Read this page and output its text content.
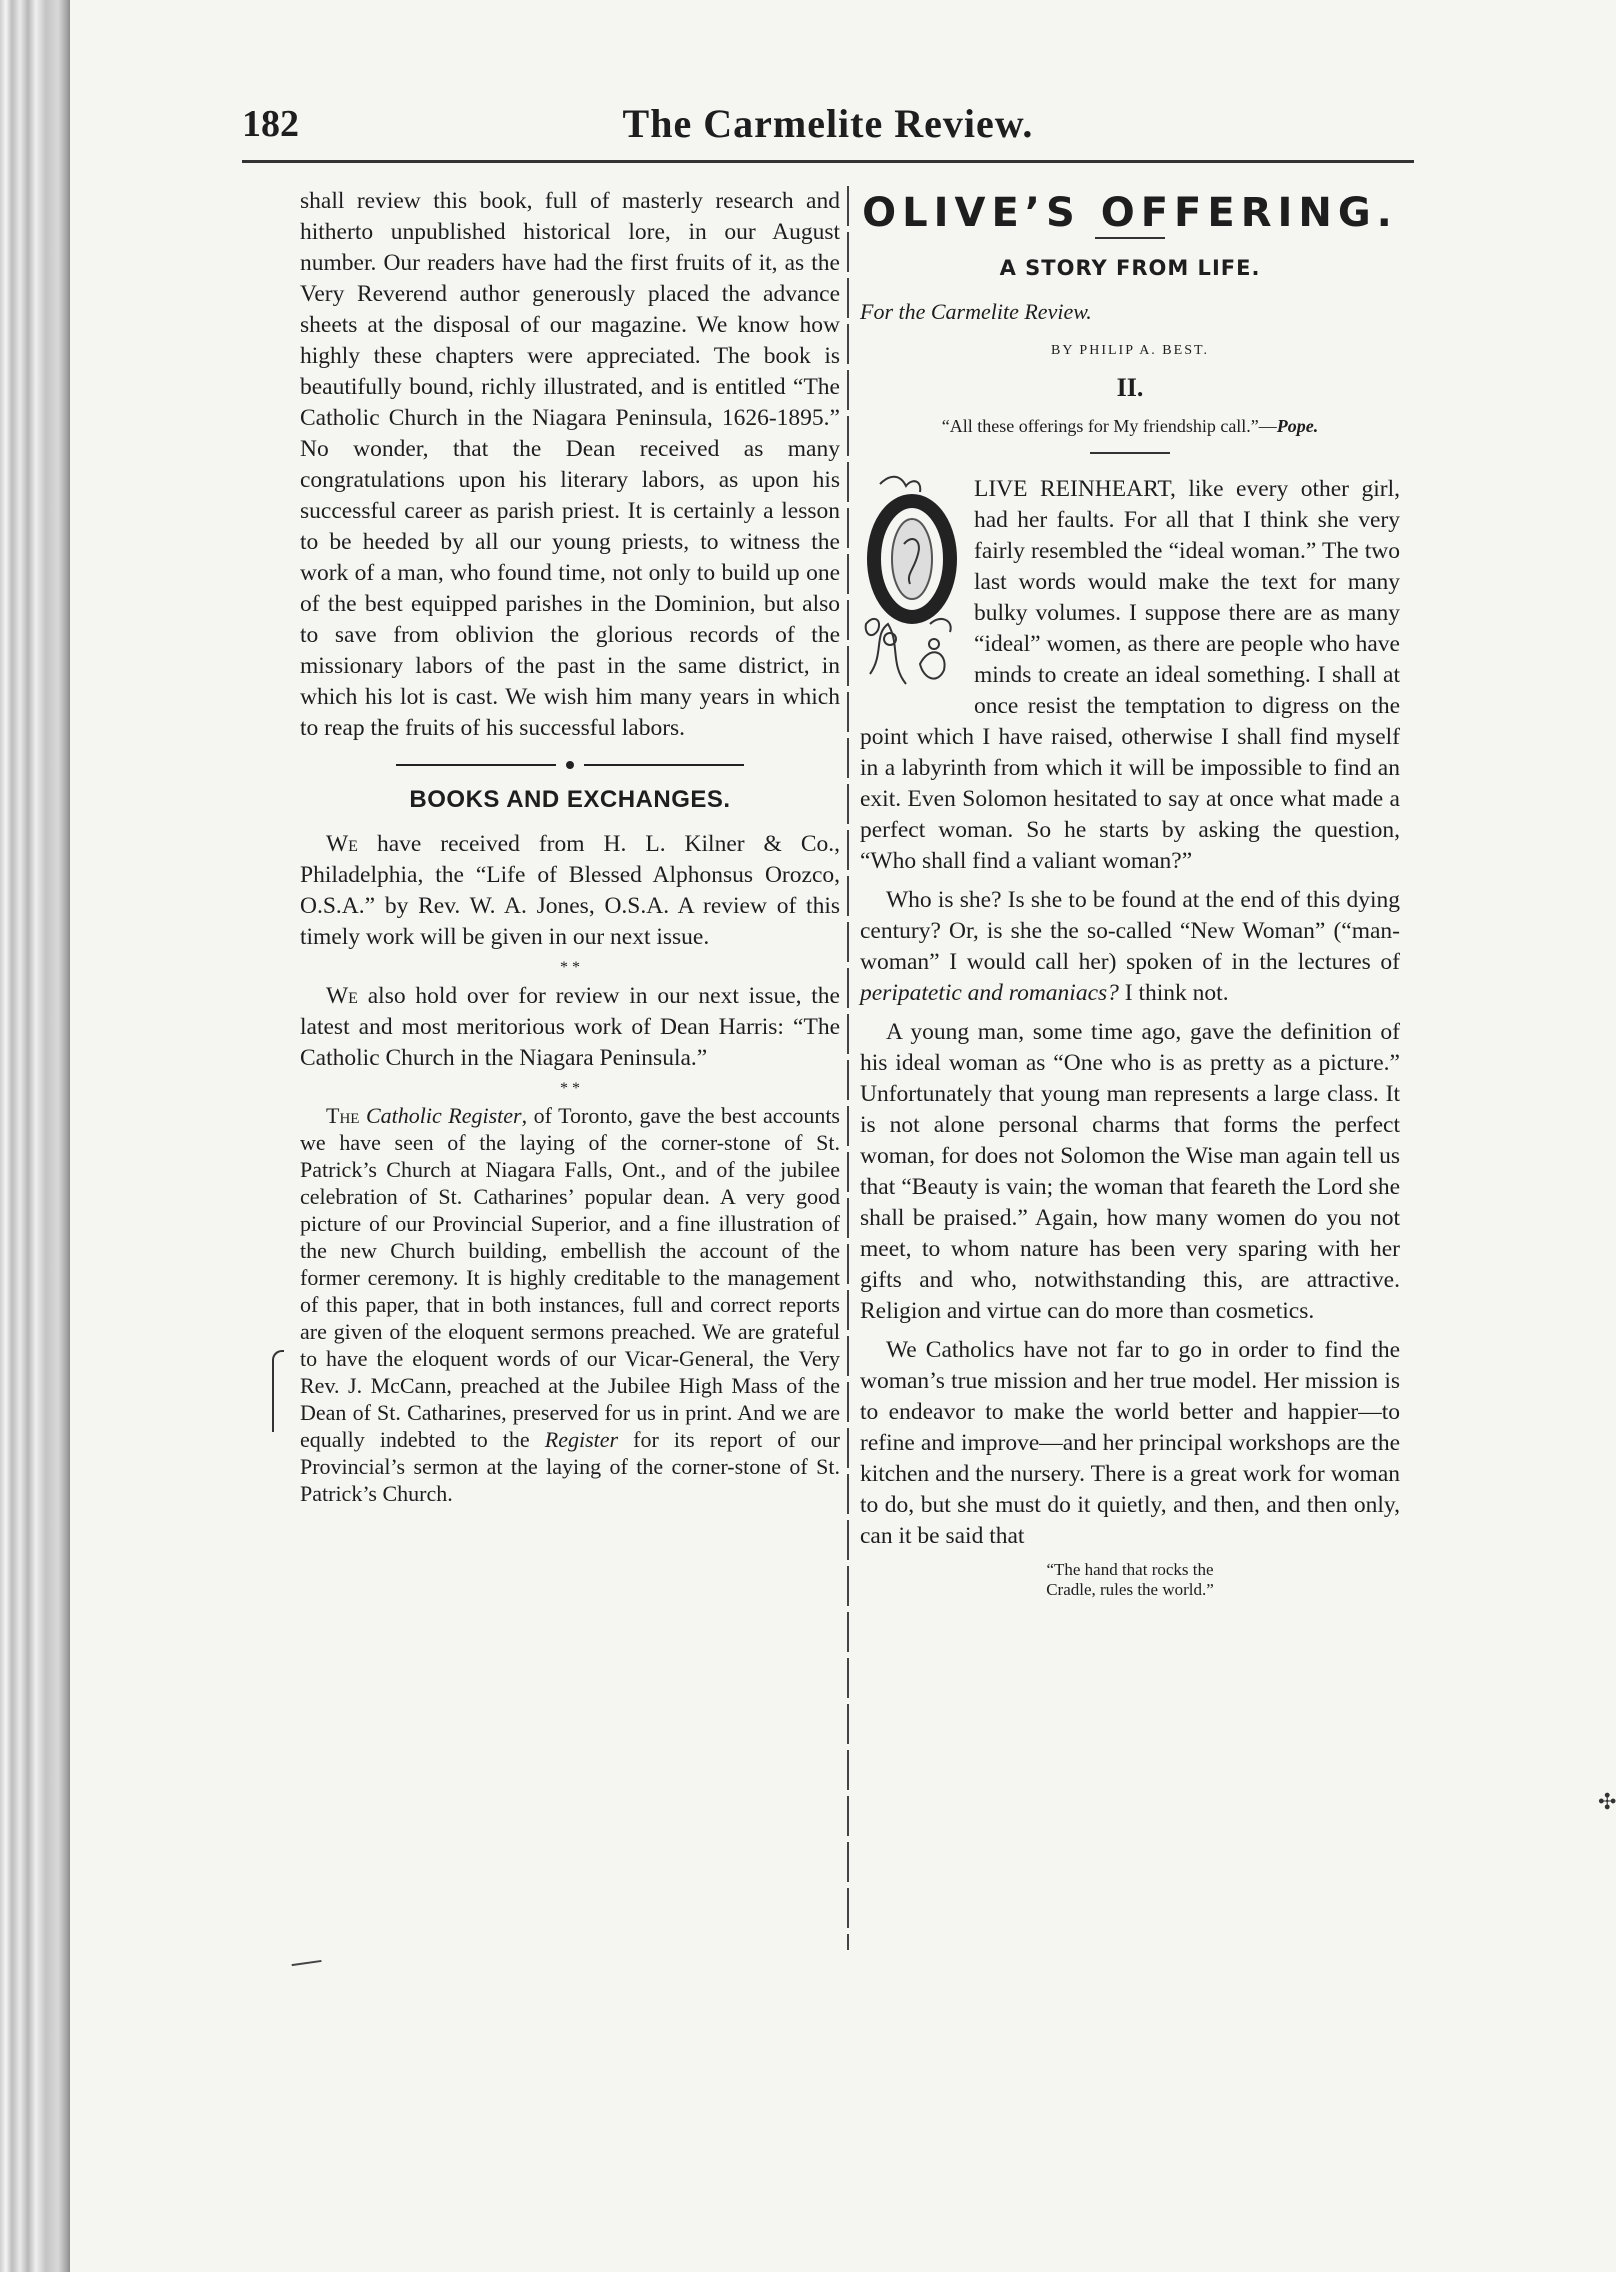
182	The Carmelite Review.

shall review this book, full of masterly research and hitherto unpublished historical lore, in our August number. Our readers have had the first fruits of it, as the Very Reverend author generously placed the advance sheets at the disposal of our magazine. We know how highly these chapters were appreciated. The book is beautifully bound, richly illustrated, and is entitled “The Catholic Church in the Niagara Peninsula, 1626-1895.” No wonder, that the Dean received as many congratulations upon his literary labors, as upon his successful career as parish priest. It is certainly a lesson to be heeded by all our young priests, to witness the work of a man, who found time, not only to build up one of the best equipped parishes in the Dominion, but also to save from oblivion the glorious records of the missionary labors of the past in the same district, in which his lot is cast. We wish him many years in which to reap the fruits of his successful labors.

BOOKS AND EXCHANGES.

We have received from H. L. Kilner & Co., Philadelphia, the “Life of Blessed Alphonsus Orozco, O.S.A.” by Rev. W. A. Jones, O.S.A. A review of this timely work will be given in our next issue.

* *

We also hold over for review in our next issue, the latest and most meritorious work of Dean Harris: “The Catholic Church in the Niagara Peninsula.”

* *

The Catholic Register, of Toronto, gave the best accounts we have seen of the laying of the corner-stone of St. Patrick’s Church at Niagara Falls, Ont., and of the jubilee celebration of St. Catharines’ popular dean. A very good picture of our Provincial Superior, and a fine illustration of the new Church building, embellish the account of the former ceremony. It is highly creditable to the management of this paper, that in both instances, full and correct reports are given of the eloquent sermons preached. We are grateful to have the eloquent words of our Vicar-General, the Very Rev. J. McCann, preached at the Jubilee High Mass of the Dean of St. Catharines, preserved for us in print. And we are equally indebted to the Register for its report of our Provincial’s sermon at the laying of the corner-stone of St. Patrick’s Church.

OLIVE’S OFFERING.
A STORY FROM LIFE.
For the Carmelite Review.
BY PHILIP A. BEST.
II.
“All these offerings for My friendship call.”—Pope.

LIVE REINHEART, like every other girl, had her faults. For all that I think she very fairly resembled the “ideal woman.” The two last words would make the text for many bulky volumes. I suppose there are as many “ideal” women, as there are people who have minds to create an ideal something. I shall at once resist the temptation to digress on the point which I have raised, otherwise I shall find myself in a labyrinth from which it will be impossible to find an exit. Even Solomon hesitated to say at once what made a perfect woman. So he starts by asking the question, “Who shall find a valiant woman?”

Who is she? Is she to be found at the end of this dying century? Or, is she the so-called “New Woman” (“man-woman” I would call her) spoken of in the lectures of peripatetic and romaniacs? I think not.

A young man, some time ago, gave the definition of his ideal woman as “One who is as pretty as a picture.” Unfortunately that young man represents a large class. It is not alone personal charms that forms the perfect woman, for does not Solomon the Wise man again tell us that “Beauty is vain; the woman that feareth the Lord she shall be praised.” Again, how many women do you not meet, to whom nature has been very sparing with her gifts and who, notwithstanding this, are attractive. Religion and virtue can do more than cosmetics.

We Catholics have not far to go in order to find the woman’s true mission and her true model. Her mission is to endeavor to make the world better and happier—to refine and improve—and her principal workshops are the kitchen and the nursery. There is a great work for woman to do, but she must do it quietly, and then, and then only, can it be said that

“The hand that rocks the
Cradle, rules the world.”
✣
